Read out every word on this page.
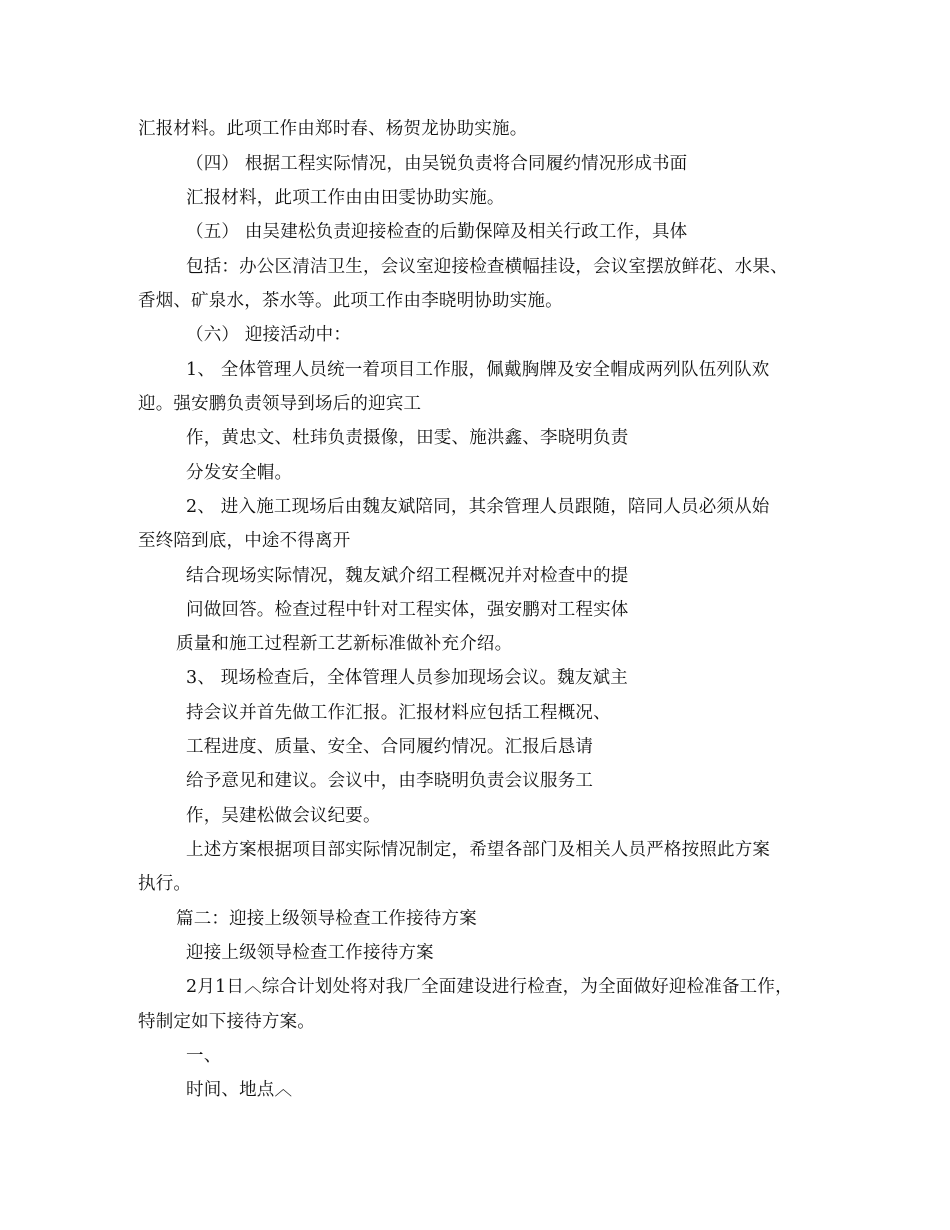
汇报材料。此项工作由郑时春、杨贺龙协助实施。
（四） 根据工程实际情况，由吴锐负责将合同履约情况形成书面
汇报材料，此项工作由由田雯协助实施。
（五） 由吴建松负责迎接检查的后勤保障及相关行政工作，具体
包括：办公区清洁卫生，会议室迎接检查横幅挂设，会议室摆放鲜花、水果、
香烟、矿泉水，茶水等。此项工作由李晓明协助实施。
（六） 迎接活动中：
1、 全体管理人员统一着项目工作服，佩戴胸牌及安全帽成两列队伍列队欢
迎。强安鹏负责领导到场后的迎宾工
作，黄忠文、杜玮负责摄像，田雯、施洪鑫、李晓明负责
分发安全帽。
2、 进入施工现场后由魏友斌陪同，其余管理人员跟随，陪同人员必须从始
至终陪到底，中途不得离开
结合现场实际情况，魏友斌介绍工程概况并对检查中的提
问做回答。检查过程中针对工程实体，强安鹏对工程实体
质量和施工过程新工艺新标准做补充介绍。
3、 现场检查后，全体管理人员参加现场会议。魏友斌主
持会议并首先做工作汇报。汇报材料应包括工程概况、
工程进度、质量、安全、合同履约情况。汇报后恳请
给予意见和建议。会议中，由李晓明负责会议服务工
作，吴建松做会议纪要。
上述方案根据项目部实际情况制定，希望各部门及相关人员严格按照此方案
执行。
篇二：迎接上级领导检查工作接待方案
迎接上级领导检查工作接待方案
2月1日︿综合计划处将对我厂全面建设进行检查，为全面做好迎检准备工作，
特制定如下接待方案。
一、
时间、地点︿
